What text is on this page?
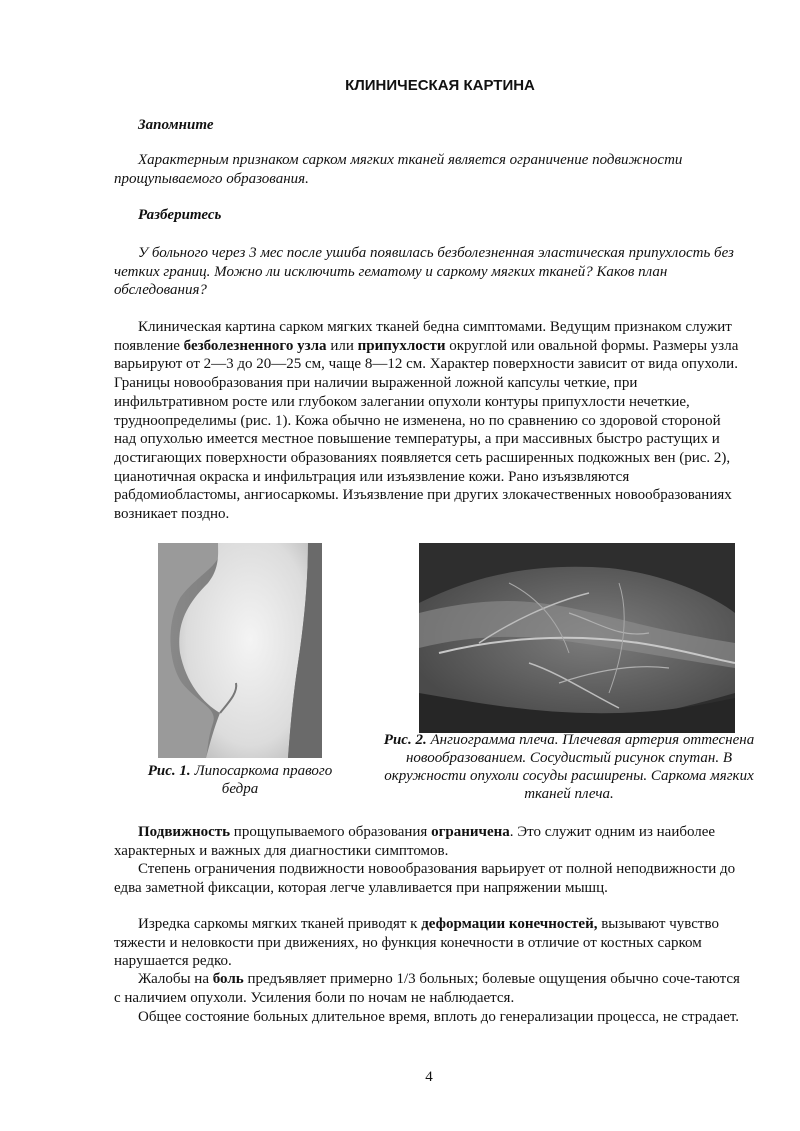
КЛИНИЧЕСКАЯ КАРТИНА
Запомните
Характерным признаком сарком мягких тканей является ограничение подвижности прощупываемого образования.
Разберитесь
У больного через 3 мес после ушиба появилась безболезненная эластическая припухлость без четких границ. Можно ли исключить гематому и саркому мягких тканей? Каков план обследования?
Клиническая картина сарком мягких тканей бедна симптомами. Ведущим признаком служит появление безболезненного узла или припухлости округлой или овальной формы. Размеры узла варьируют от 2—3 до 20—25 см, чаще 8—12 см. Характер поверхности зависит от вида опухоли. Границы новообразования при наличии выраженной ложной капсулы четкие, при инфильтративном росте или глубоком залегании опухоли контуры припухлости нечеткие, трудноопределимы (рис. 1). Кожа обычно не изменена, но по сравнению со здоровой стороной над опухолью имеется местное повышение температуры, а при массивных быстро растущих и достигающих поверхности образованиях появляется сеть расширенных подкожных вен (рис. 2), цианотичная окраска и инфильтрация или изъязвление кожи. Рано изъязвляются рабдомиобластомы, ангиосаркомы. Изъязвление при других злокачественных новообразованиях возникает поздно.
Рис. 1. Липосаркома правого бедра
Рис. 2. Ангиограмма плеча. Плечевая артерия оттеснена новообразованием. Сосудистый рисунок спутан. В окружности опухоли сосуды расширены. Саркома мягких тканей плеча.
Подвижность прощупываемого образования ограничена. Это служит одним из наиболее характерных и важных для диагностики симптомов.
Степень ограничения подвижности новообразования варьирует от полной неподвижности до едва заметной фиксации, которая легче улавливается при напряжении мышц.
Изредка саркомы мягких тканей приводят к деформации конечностей, вызывают чувство тяжести и неловкости при движениях, но функция конечности в отличие от костных сарком нарушается редко.
Жалобы на боль предъявляет примерно 1/3 больных; болевые ощущения обычно соче-таются с наличием опухоли. Усиления боли по ночам не наблюдается.
Общее состояние больных длительное время, вплоть до генерализации процесса, не страдает.
4
